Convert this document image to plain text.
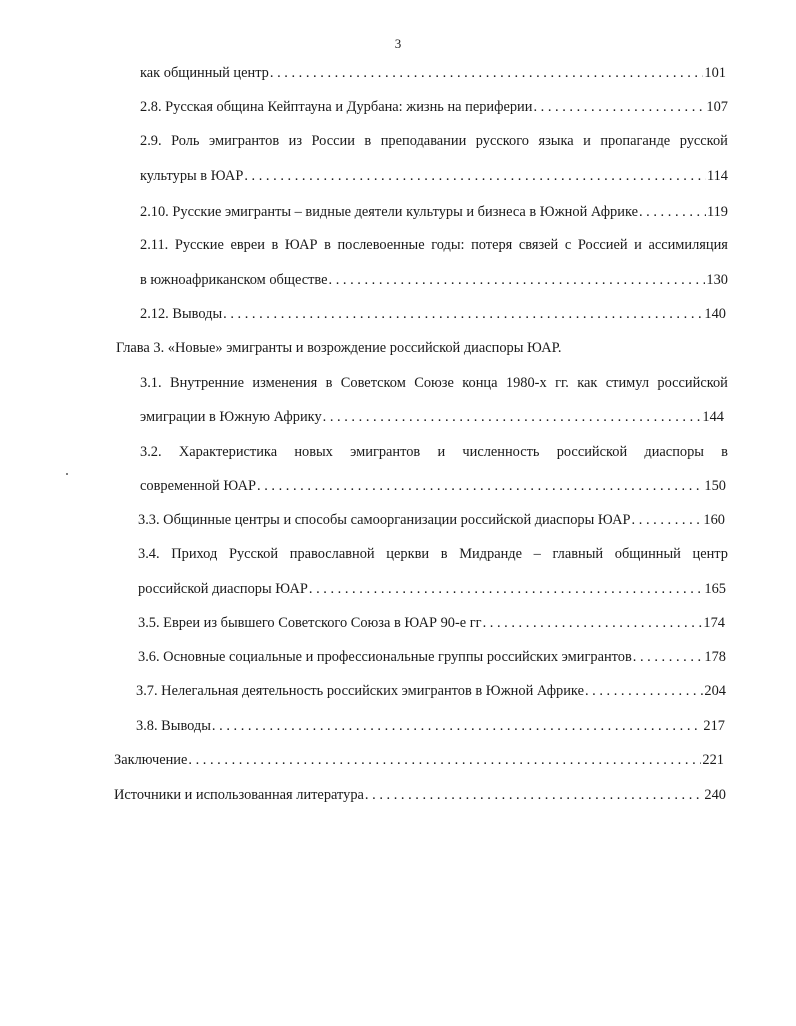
3
как общинный центр . . .	101
2.8. Русская община Кейптауна и Дурбана: жизнь на периферии . . .	107
2.9. Роль эмигрантов из России в преподавании русского языка и пропаганде русской
культуры в ЮАР . . .	114
2.10. Русские эмигранты – видные деятели культуры и бизнеса в Южной Африке . . .	119
2.11. Русские евреи в ЮАР в послевоенные годы: потеря связей с Россией и ассимиляция
в южноафриканском обществе . . .	130
2.12. Выводы . . .	140
Глава 3. «Новые» эмигранты и возрождение российской диаспоры ЮАР.
3.1. Внутренние изменения в Советском Союзе конца 1980-х гг. как стимул российской
эмиграции в Южную Африку . . .	144
3.2. Характеристика новых эмигрантов и численность российской диаспоры в
современной ЮАР . . .	150
3.3. Общинные центры и способы самоорганизации российской диаспоры ЮАР . . .	160
3.4. Приход Русской православной церкви в Мидранде – главный общинный центр
российской диаспоры ЮАР . . .	165
3.5. Евреи из бывшего Советского Союза в ЮАР 90-е гг . . .	174
3.6. Основные социальные и профессиональные группы российских эмигрантов . . .	178
3.7. Нелегальная деятельность российских эмигрантов в Южной Африке . . .	204
3.8. Выводы . . .	217
Заключение . . .	221
Источники и использованная литература . . .	240
